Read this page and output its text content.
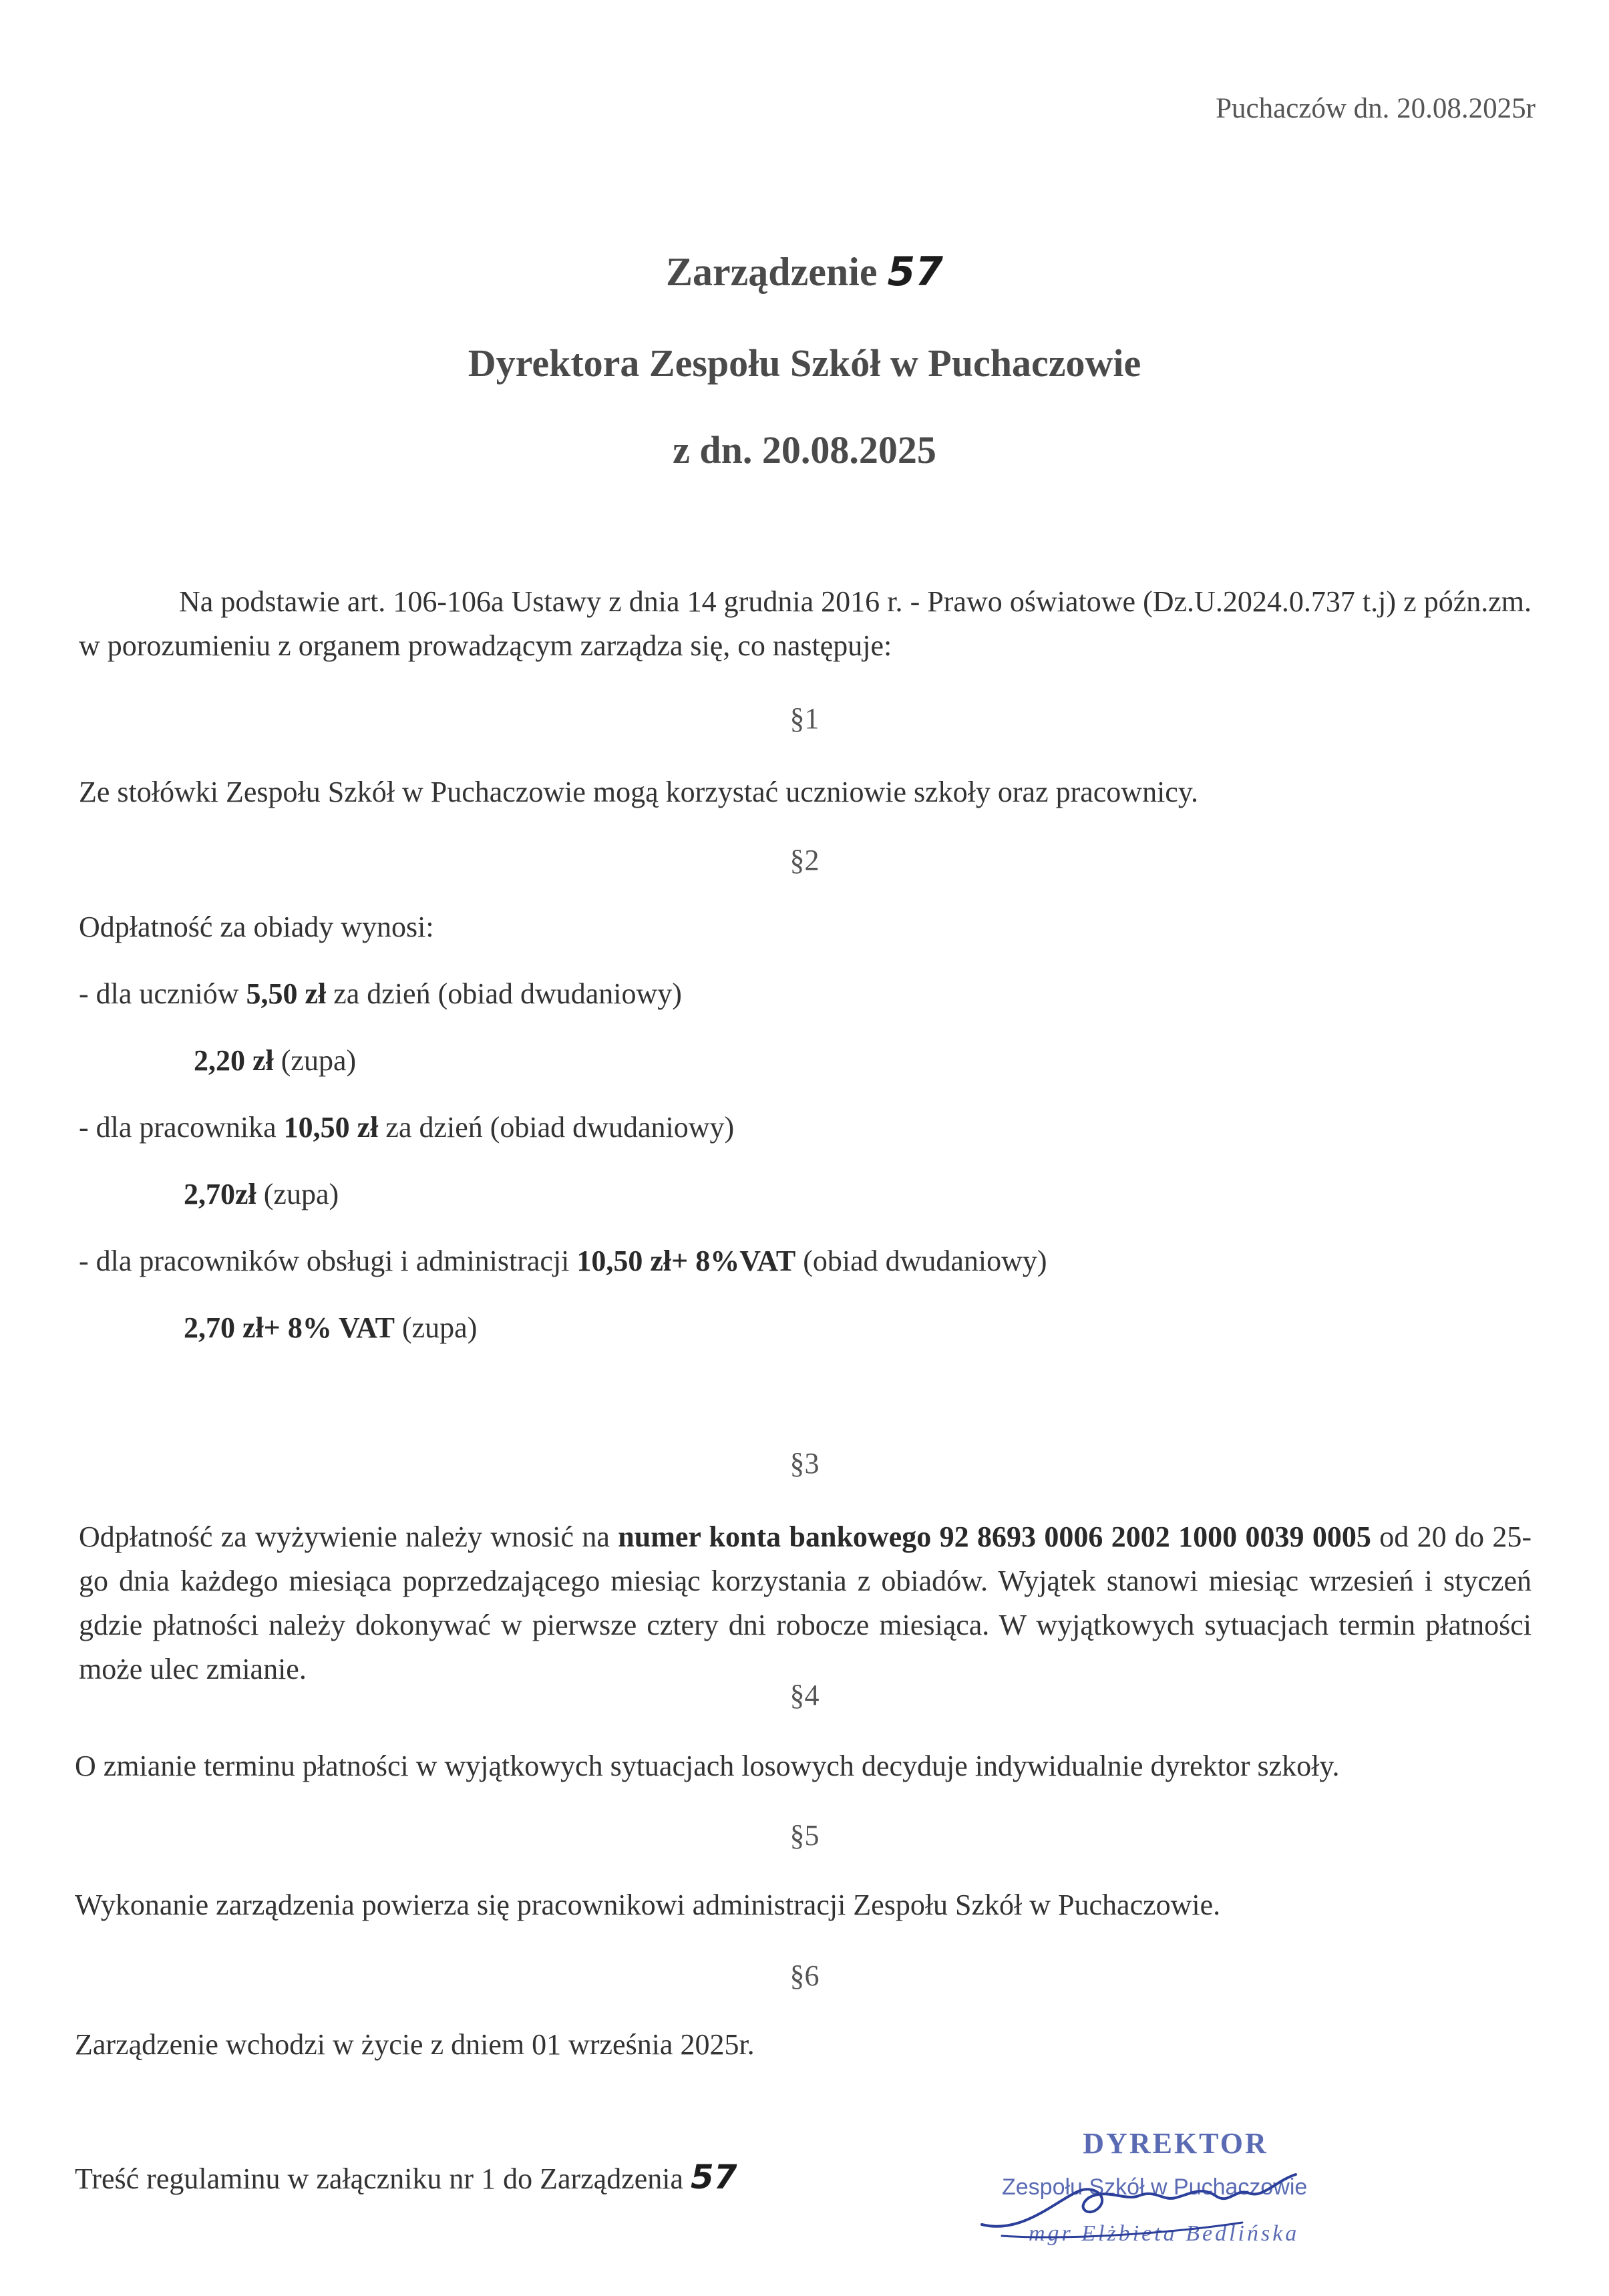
Puchaczów dn. 20.08.2025r

Zarządzenie 57

Dyrektora Zespołu Szkół w Puchaczowie

z dn. 20.08.2025

Na podstawie art. 106-106a Ustawy z dnia 14 grudnia 2016 r. - Prawo oświatowe (Dz.U.2024.0.737 t.j) z późn.zm. w porozumieniu z organem prowadzącym zarządza się, co następuje:

§1

Ze stołówki Zespołu Szkół w Puchaczowie mogą korzystać uczniowie szkoły oraz pracownicy.

§2

Odpłatność za obiady wynosi:

- dla uczniów 5,50 zł za dzień (obiad dwudaniowy)

2,20 zł (zupa)

- dla pracownika 10,50 zł za dzień (obiad dwudaniowy)

2,70zł (zupa)

- dla pracowników obsługi i administracji 10,50 zł+ 8%VAT (obiad dwudaniowy)

2,70 zł+ 8% VAT (zupa)

§3

Odpłatność za wyżywienie należy wnosić na numer konta bankowego 92 8693 0006 2002 1000 0039 0005 od 20 do 25-go dnia każdego miesiąca poprzedzającego miesiąc korzystania z obiadów. Wyjątek stanowi miesiąc wrzesień i styczeń gdzie płatności należy dokonywać w pierwsze cztery dni robocze miesiąca. W wyjątkowych sytuacjach termin płatności może ulec zmianie.

§4

O zmianie terminu płatności w wyjątkowych sytuacjach losowych decyduje indywidualnie dyrektor szkoły.

§5

Wykonanie zarządzenia powierza się pracownikowi administracji Zespołu Szkół w Puchaczowie.

§6

Zarządzenie wchodzi w życie z dniem 01 września 2025r.

Treść regulaminu w załączniku nr 1 do Zarządzenia 57

DYREKTOR
Zespołu Szkół w Puchaczowie
mgr Elżbieta Bedlińska
